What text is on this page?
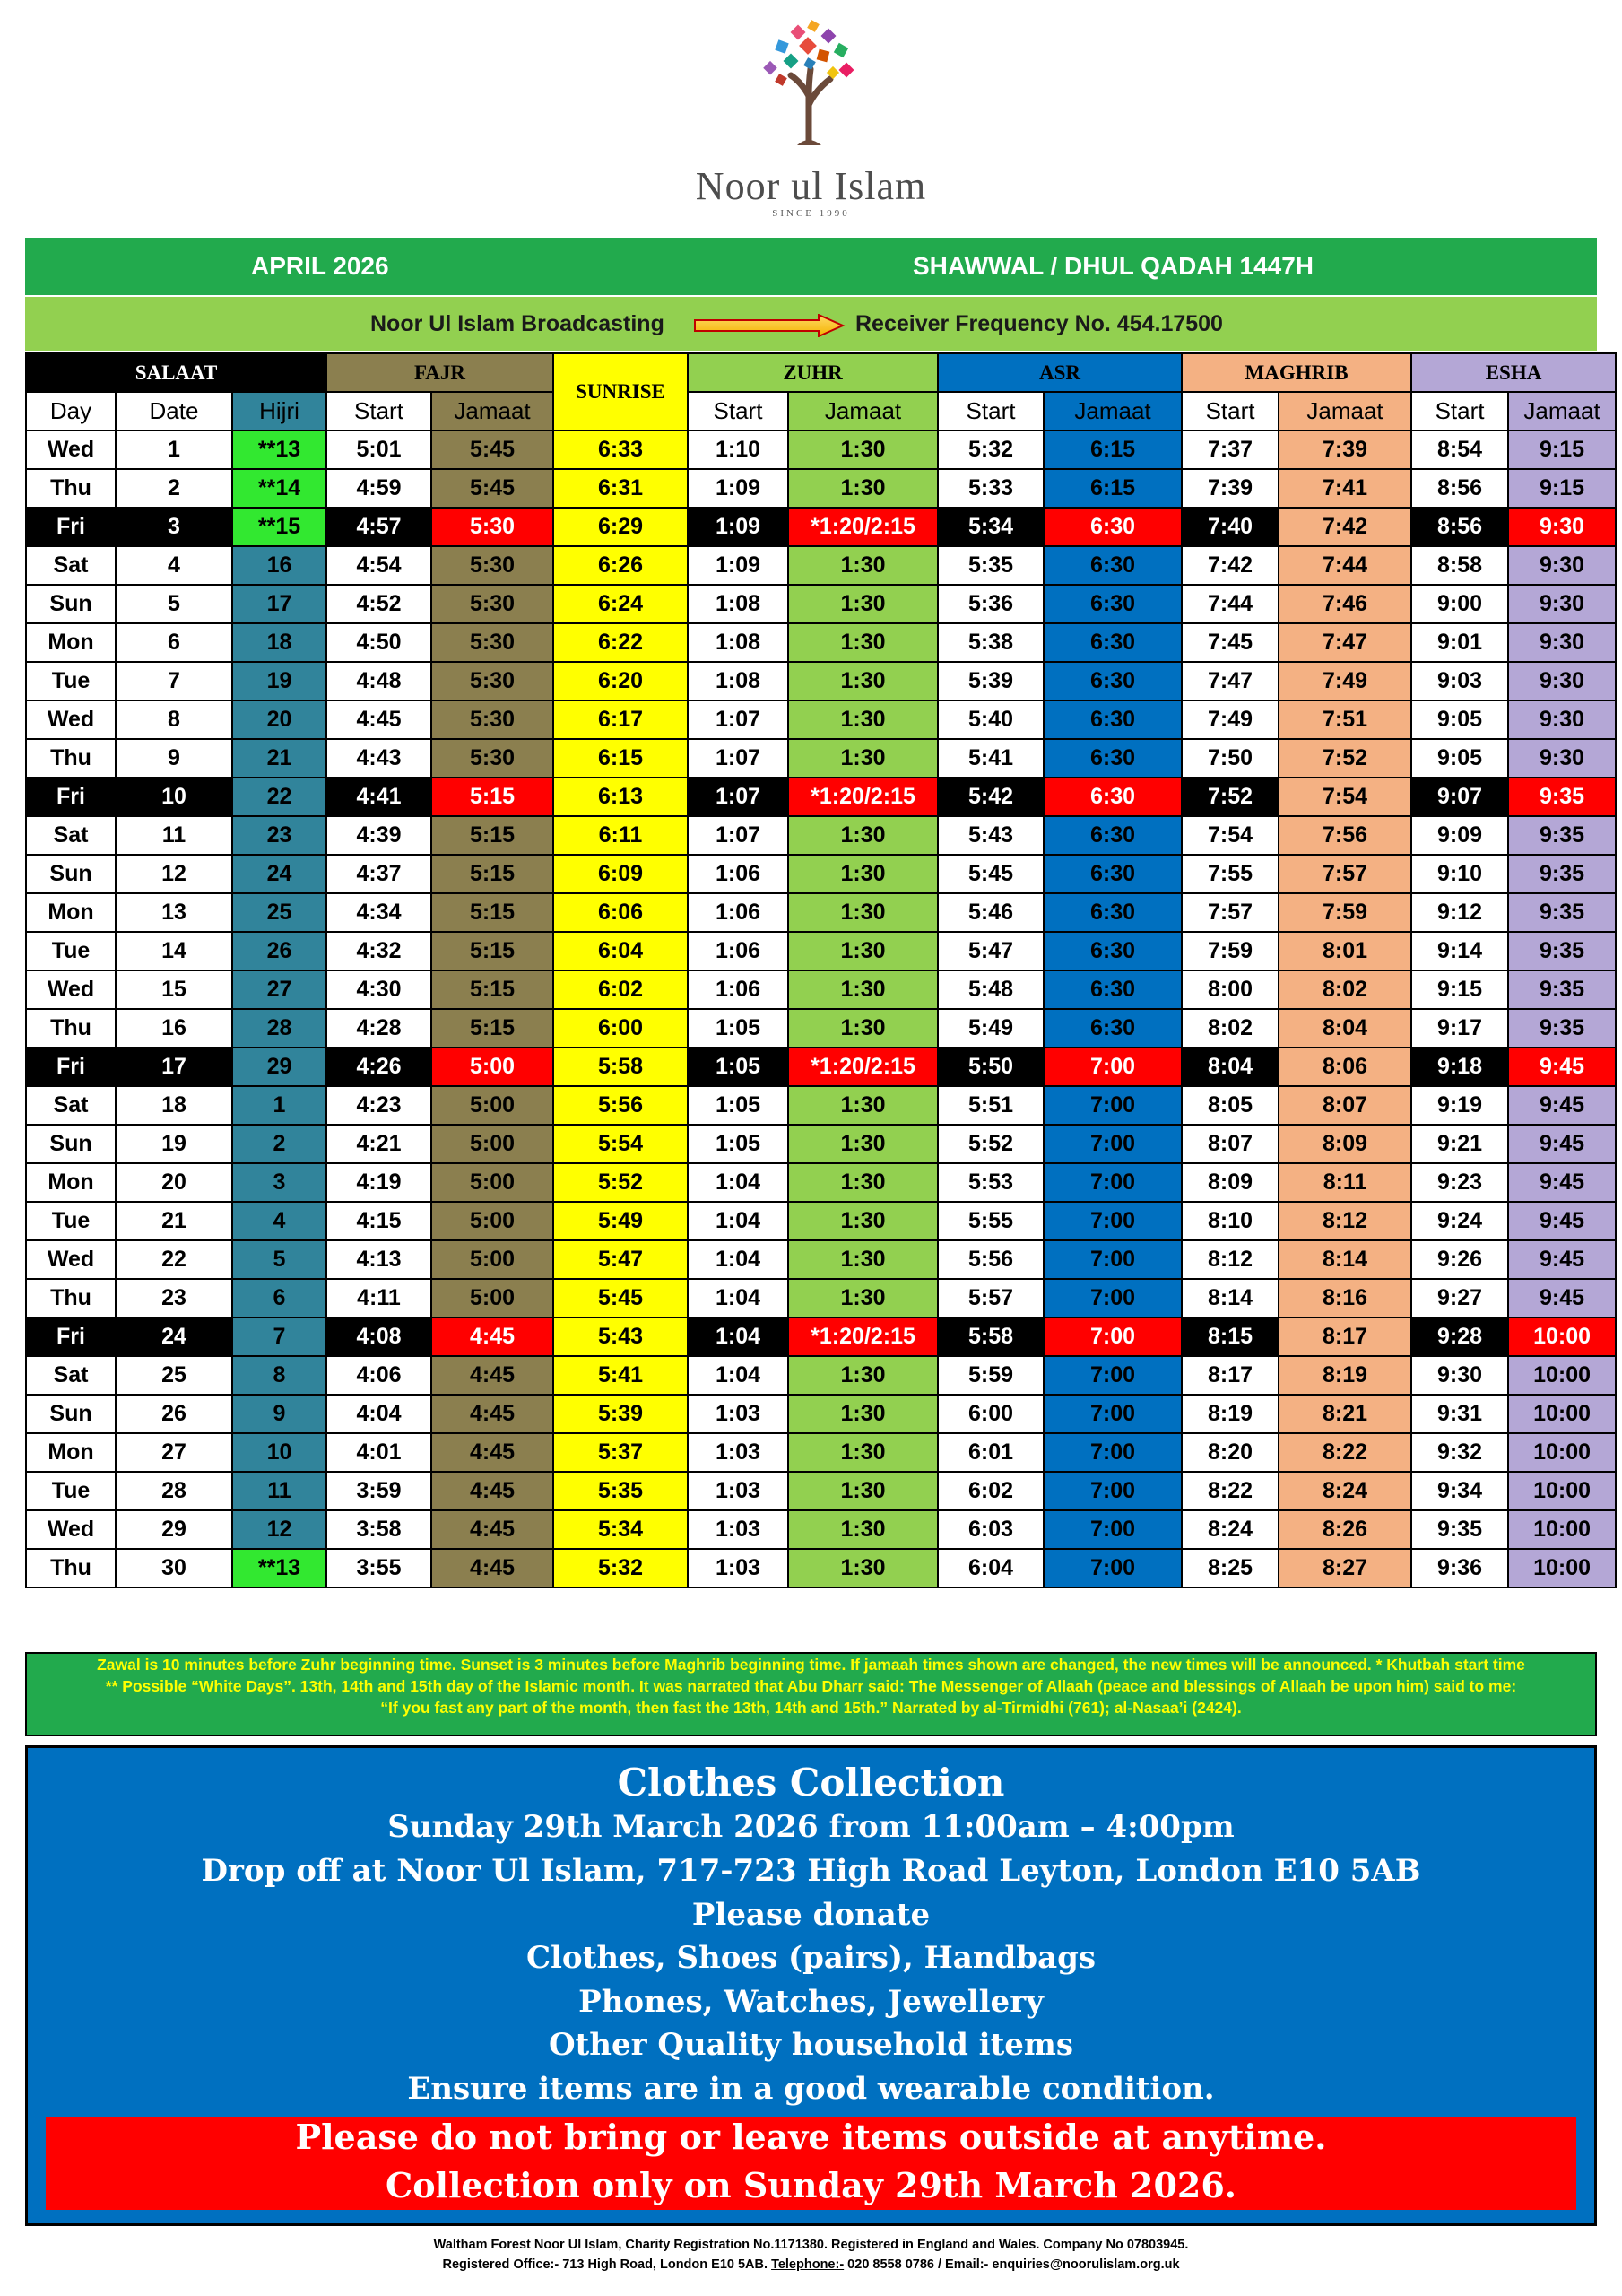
Noor ul Islam
SINCE 1990
APRIL 2026	SHAWWAL / DHUL QADAH 1447H
Noor Ul Islam Broadcasting	Receiver Frequency No. 454.17500
SALAAT			FAJR		SUNRISE	ZUHR		ASR		MAGHRIB		ESHA	
Day	Date	Hijri	Start	Jamaat		Start	Jamaat	Start	Jamaat	Start	Jamaat	Start	Jamaat
Wed	1	**13	5:01	5:45	6:33	1:10	1:30	5:32	6:15	7:37	7:39	8:54	9:15
Thu	2	**14	4:59	5:45	6:31	1:09	1:30	5:33	6:15	7:39	7:41	8:56	9:15
Fri	3	**15	4:57	5:30	6:29	1:09	*1:20/2:15	5:34	6:30	7:40	7:42	8:56	9:30
Sat	4	16	4:54	5:30	6:26	1:09	1:30	5:35	6:30	7:42	7:44	8:58	9:30
Sun	5	17	4:52	5:30	6:24	1:08	1:30	5:36	6:30	7:44	7:46	9:00	9:30
Mon	6	18	4:50	5:30	6:22	1:08	1:30	5:38	6:30	7:45	7:47	9:01	9:30
Tue	7	19	4:48	5:30	6:20	1:08	1:30	5:39	6:30	7:47	7:49	9:03	9:30
Wed	8	20	4:45	5:30	6:17	1:07	1:30	5:40	6:30	7:49	7:51	9:05	9:30
Thu	9	21	4:43	5:30	6:15	1:07	1:30	5:41	6:30	7:50	7:52	9:05	9:30
Fri	10	22	4:41	5:15	6:13	1:07	*1:20/2:15	5:42	6:30	7:52	7:54	9:07	9:35
Sat	11	23	4:39	5:15	6:11	1:07	1:30	5:43	6:30	7:54	7:56	9:09	9:35
Sun	12	24	4:37	5:15	6:09	1:06	1:30	5:45	6:30	7:55	7:57	9:10	9:35
Mon	13	25	4:34	5:15	6:06	1:06	1:30	5:46	6:30	7:57	7:59	9:12	9:35
Tue	14	26	4:32	5:15	6:04	1:06	1:30	5:47	6:30	7:59	8:01	9:14	9:35
Wed	15	27	4:30	5:15	6:02	1:06	1:30	5:48	6:30	8:00	8:02	9:15	9:35
Thu	16	28	4:28	5:15	6:00	1:05	1:30	5:49	6:30	8:02	8:04	9:17	9:35
Fri	17	29	4:26	5:00	5:58	1:05	*1:20/2:15	5:50	7:00	8:04	8:06	9:18	9:45
Sat	18	1	4:23	5:00	5:56	1:05	1:30	5:51	7:00	8:05	8:07	9:19	9:45
Sun	19	2	4:21	5:00	5:54	1:05	1:30	5:52	7:00	8:07	8:09	9:21	9:45
Mon	20	3	4:19	5:00	5:52	1:04	1:30	5:53	7:00	8:09	8:11	9:23	9:45
Tue	21	4	4:15	5:00	5:49	1:04	1:30	5:55	7:00	8:10	8:12	9:24	9:45
Wed	22	5	4:13	5:00	5:47	1:04	1:30	5:56	7:00	8:12	8:14	9:26	9:45
Thu	23	6	4:11	5:00	5:45	1:04	1:30	5:57	7:00	8:14	8:16	9:27	9:45
Fri	24	7	4:08	4:45	5:43	1:04	*1:20/2:15	5:58	7:00	8:15	8:17	9:28	10:00
Sat	25	8	4:06	4:45	5:41	1:04	1:30	5:59	7:00	8:17	8:19	9:30	10:00
Sun	26	9	4:04	4:45	5:39	1:03	1:30	6:00	7:00	8:19	8:21	9:31	10:00
Mon	27	10	4:01	4:45	5:37	1:03	1:30	6:01	7:00	8:20	8:22	9:32	10:00
Tue	28	11	3:59	4:45	5:35	1:03	1:30	6:02	7:00	8:22	8:24	9:34	10:00
Wed	29	12	3:58	4:45	5:34	1:03	1:30	6:03	7:00	8:24	8:26	9:35	10:00
Thu	30	**13	3:55	4:45	5:32	1:03	1:30	6:04	7:00	8:25	8:27	9:36	10:00
Zawal is 10 minutes before Zuhr beginning time. Sunset is 3 minutes before Maghrib beginning time. If jamaah times shown are changed, the new times will be announced. * Khutbah start time
** Possible “White Days”. 13th, 14th and 15th day of the Islamic month. It was narrated that Abu Dharr said: The Messenger of Allaah (peace and blessings of Allaah be upon him) said to me:
“If you fast any part of the month, then fast the 13th, 14th and 15th.” Narrated by al-Tirmidhi (761); al-Nasaa’i (2424).
Clothes Collection
Sunday 29th March 2026 from 11:00am – 4:00pm
Drop off at Noor Ul Islam, 717-723 High Road Leyton, London E10 5AB
Please donate
Clothes, Shoes (pairs), Handbags
Phones, Watches, Jewellery
Other Quality household items
Ensure items are in a good wearable condition.
Please do not bring or leave items outside at anytime.
Collection only on Sunday 29th March 2026.
Waltham Forest Noor Ul Islam, Charity Registration No.1171380. Registered in England and Wales. Company No 07803945.
Registered Office:- 713 High Road, London E10 5AB. Telephone:- 020 8558 0786 / Email:- enquiries@noorulislam.org.uk
